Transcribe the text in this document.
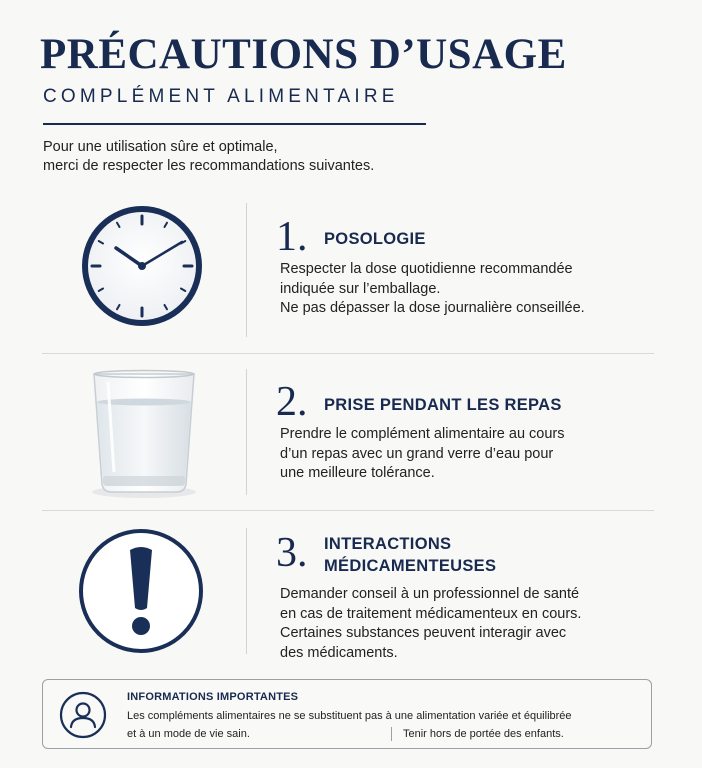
PRÉCAUTIONS D’USAGE
COMPLÉMENT ALIMENTAIRE
Pour une utilisation sûre et optimale,
merci de respecter les recommandations suivantes.
1. POSOLOGIE
Respecter la dose quotidienne recommandée
indiquée sur l’emballage.
Ne pas dépasser la dose journalière conseillée.
2. PRISE PENDANT LES REPAS
Prendre le complément alimentaire au cours
d’un repas avec un grand verre d’eau pour
une meilleure tolérance.
3. INTERACTIONS
MÉDICAMENTEUSES
Demander conseil à un professionnel de santé
en cas de traitement médicamenteux en cours.
Certaines substances peuvent interagir avec
des médicaments.
INFORMATIONS IMPORTANTES
Les compléments alimentaires ne se substituent pas à une alimentation variée et équilibrée
et à un mode de vie sain.	Tenir hors de portée des enfants.
